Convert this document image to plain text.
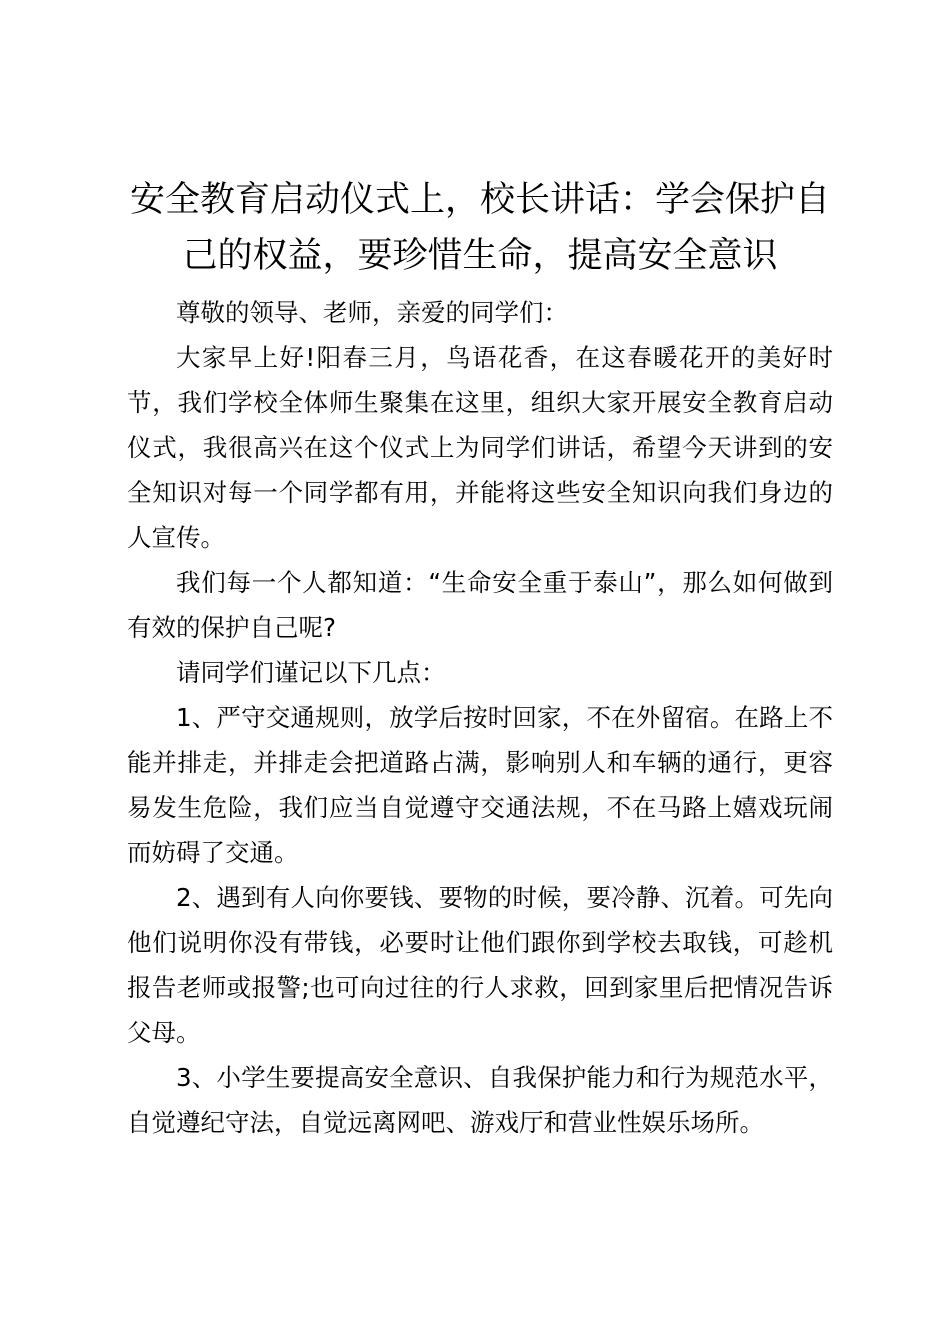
安全教育启动仪式上，校长讲话：学会保护自己的权益，要珍惜生命，提高安全意识

尊敬的领导、老师，亲爱的同学们：

大家早上好!阳春三月，鸟语花香，在这春暖花开的美好时节，我们学校全体师生聚集在这里，组织大家开展安全教育启动仪式，我很高兴在这个仪式上为同学们讲话，希望今天讲到的安全知识对每一个同学都有用，并能将这些安全知识向我们身边的人宣传。

我们每一个人都知道：“生命安全重于泰山”，那么如何做到有效的保护自己呢?

请同学们谨记以下几点：

1、严守交通规则，放学后按时回家，不在外留宿。在路上不能并排走，并排走会把道路占满，影响别人和车辆的通行，更容易发生危险，我们应当自觉遵守交通法规，不在马路上嬉戏玩闹而妨碍了交通。

2、遇到有人向你要钱、要物的时候，要冷静、沉着。可先向他们说明你没有带钱，必要时让他们跟你到学校去取钱，可趁机报告老师或报警;也可向过往的行人求救，回到家里后把情况告诉父母。

3、小学生要提高安全意识、自我保护能力和行为规范水平，自觉遵纪守法，自觉远离网吧、游戏厅和营业性娱乐场所。
